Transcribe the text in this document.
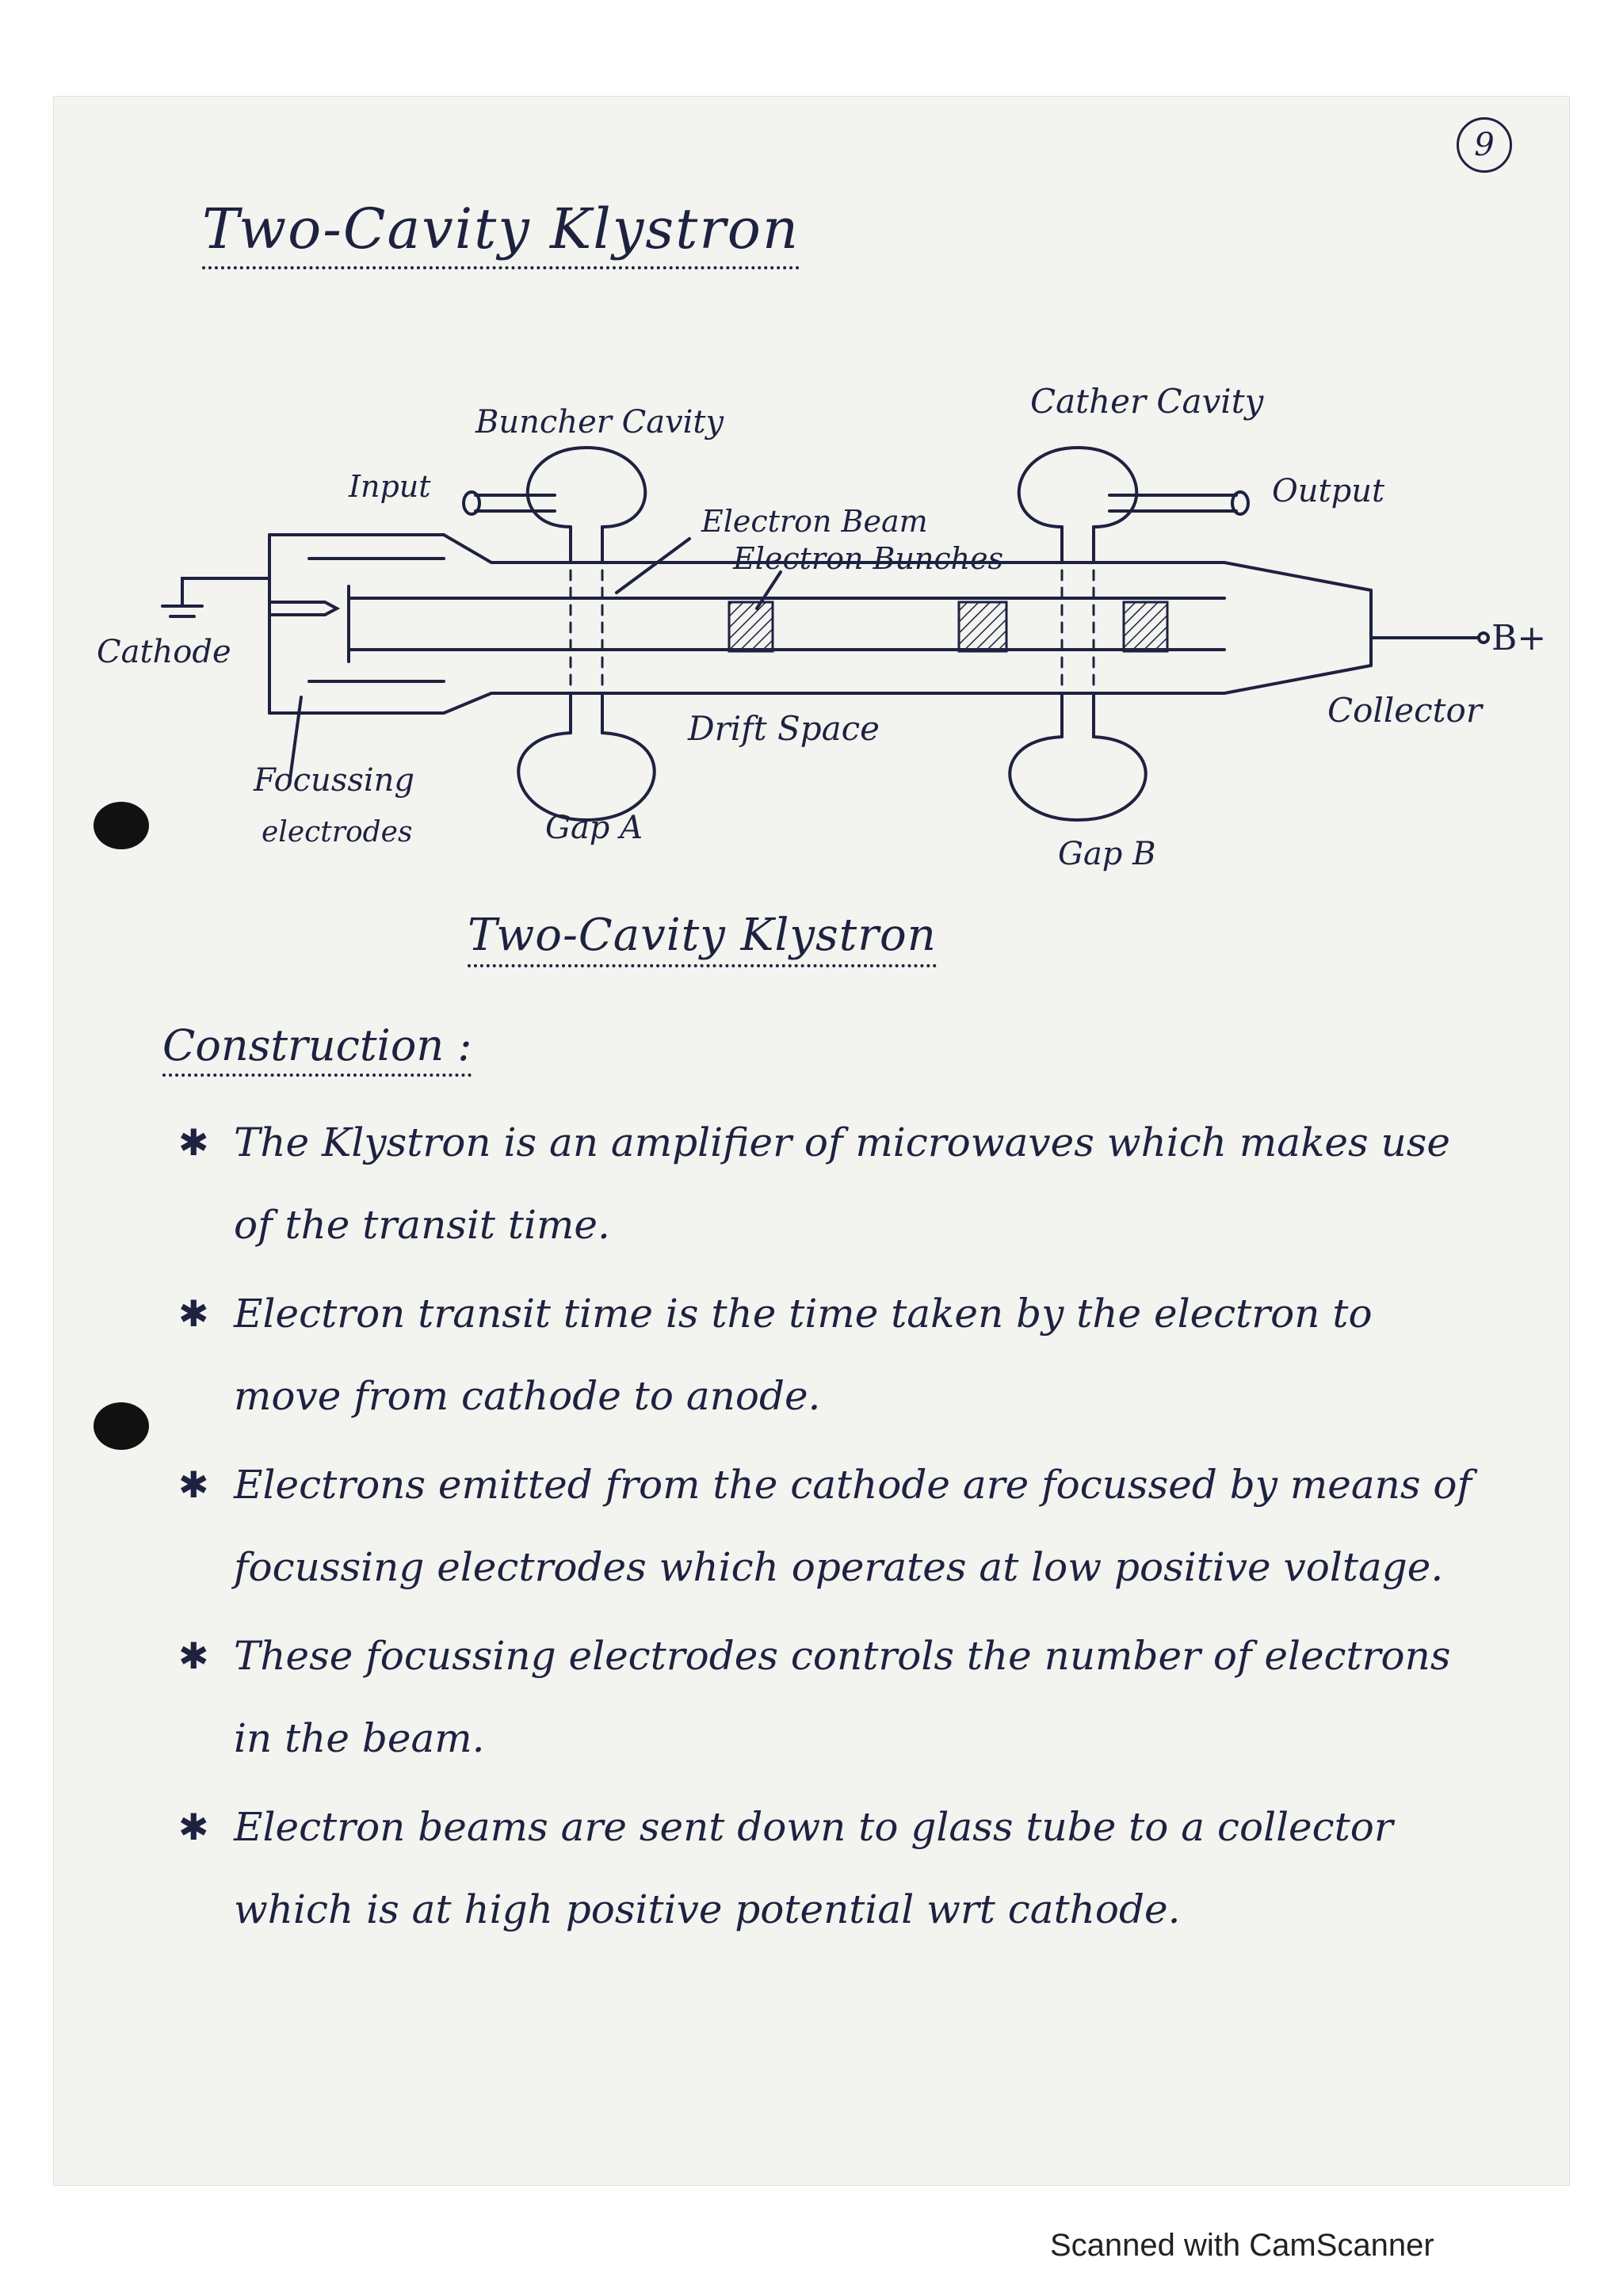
9
Two-Cavity Klystron
Buncher Cavity
Cather Cavity
Input	Output
Electron Beam
Electron Bunches
Cathode	B+
Collector
Drift Space
Focussing
electrodes	Gap A
Gap B
Two-Cavity Klystron
Construction :
✱ The Klystron is an amplifier of microwaves which makes use of the transit time.
✱ Electron transit time is the time taken by the electron to move from cathode to anode.
✱ Electrons emitted from the cathode are focussed by means of focussing electrodes which operates at low positive voltage.
✱ These focussing electrodes controls the number of electrons in the beam.
✱ Electron beams are sent down to glass tube to a collector which is at high positive potential wrt cathode.
Scanned with CamScanner
